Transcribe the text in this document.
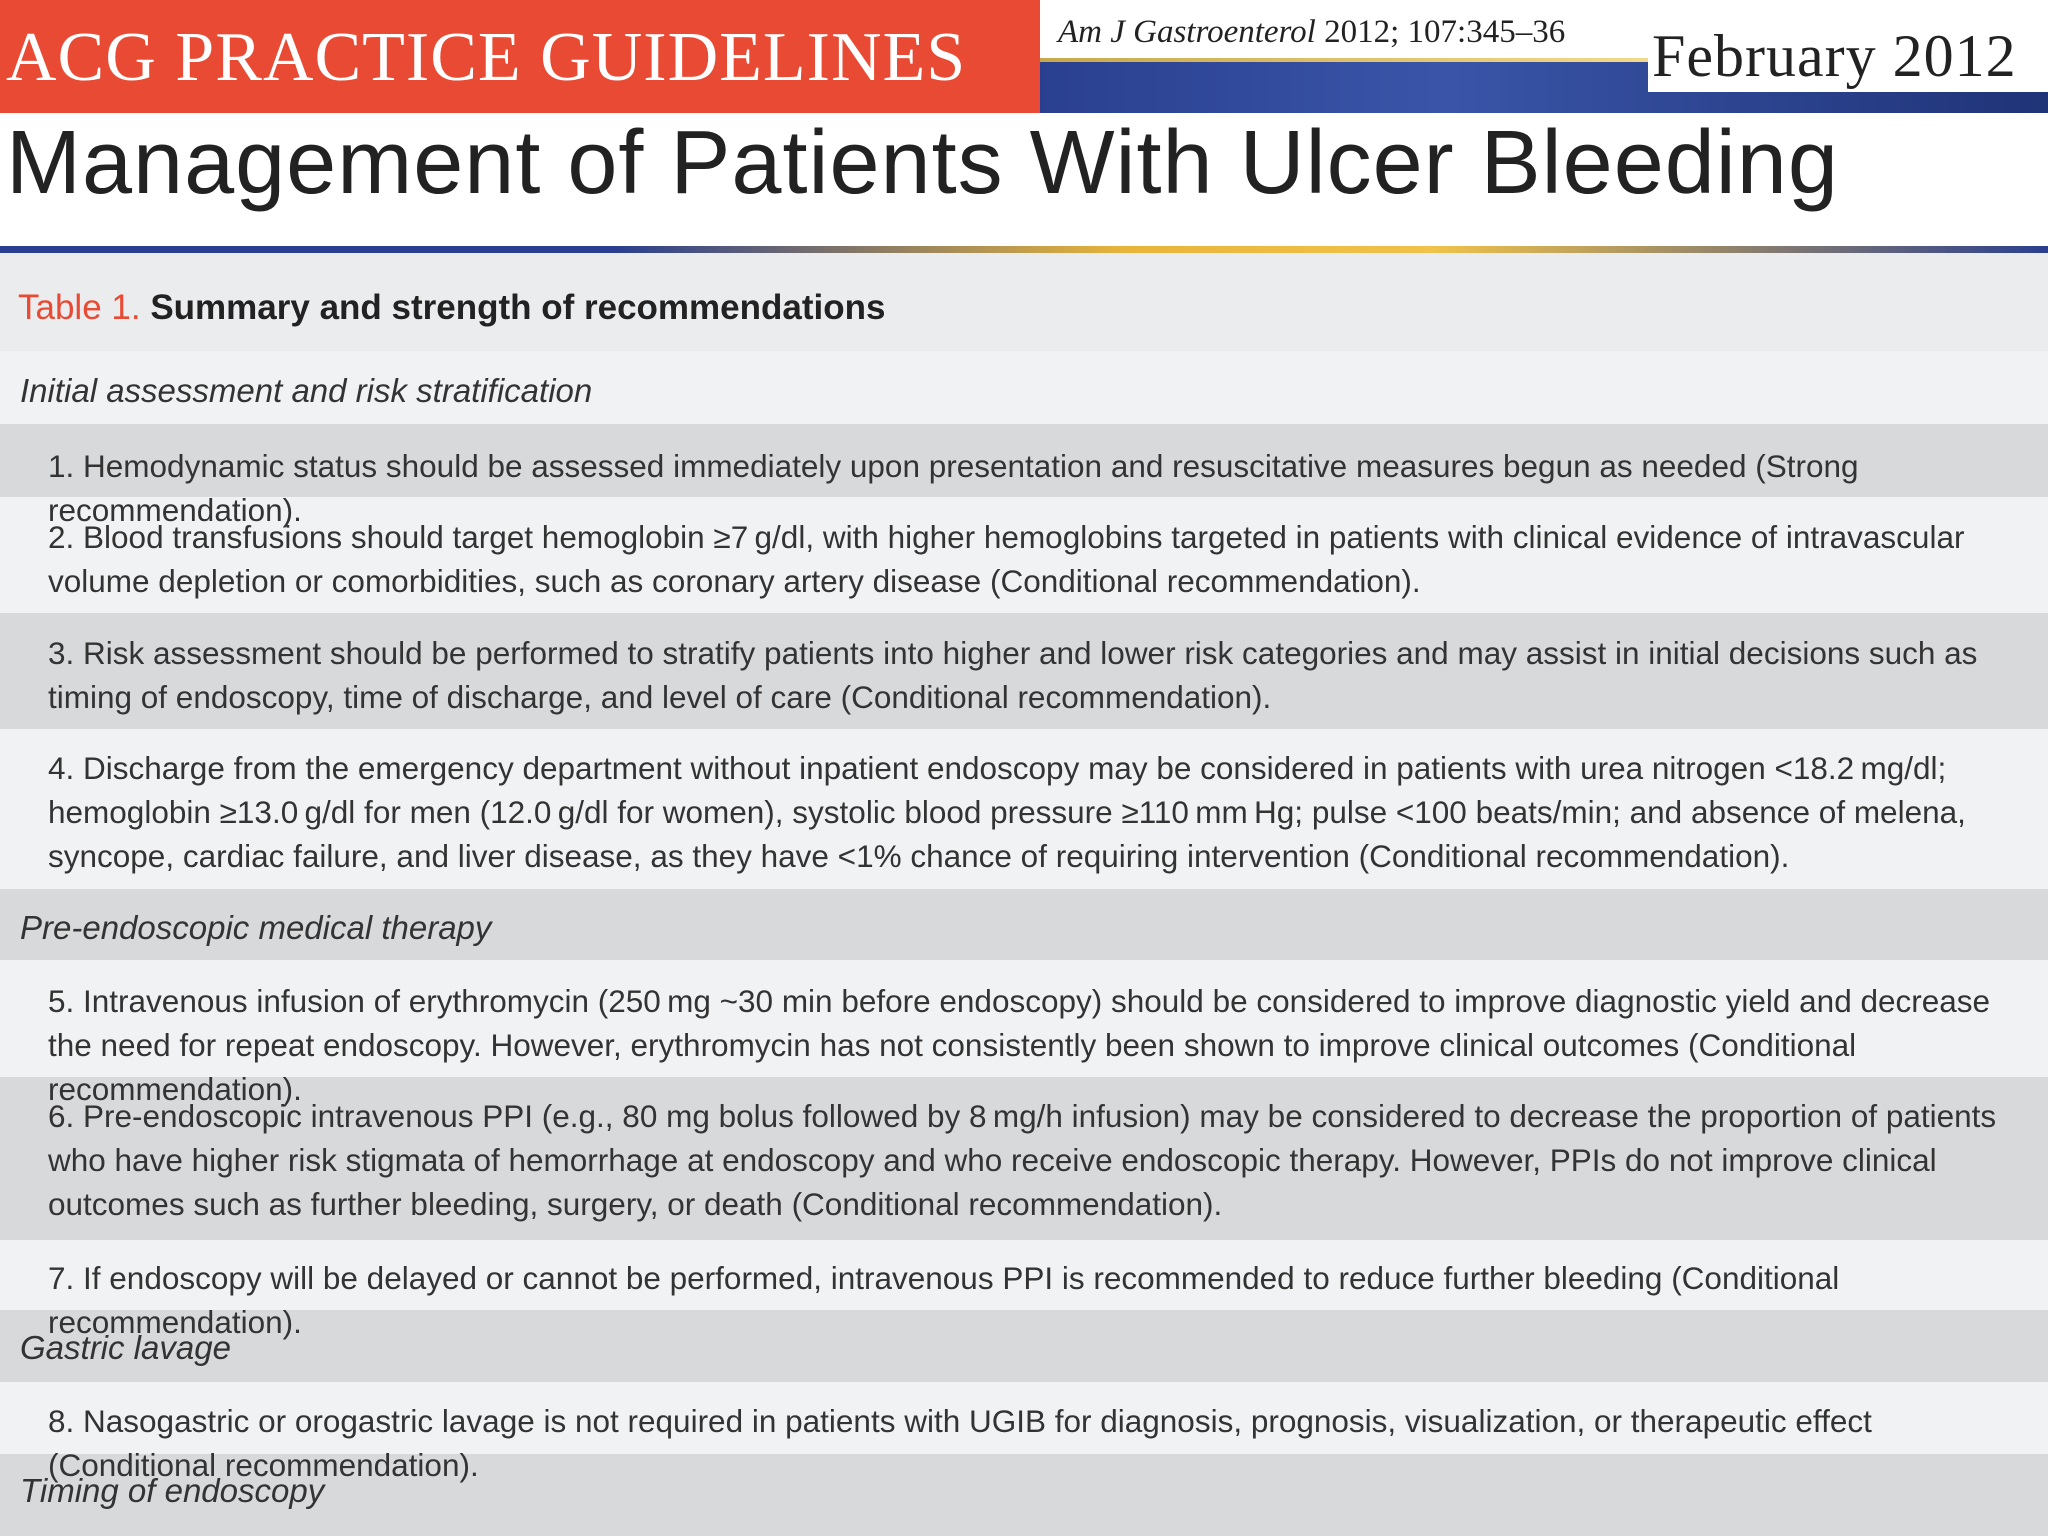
ACG PRACTICE GUIDELINES	Am J Gastroenterol 2012; 107:345–36 February 2012
Management of Patients With Ulcer Bleeding
Table 1. Summary and strength of recommendations
Initial assessment and risk stratification
1. Hemodynamic status should be assessed immediately upon presentation and resuscitative measures begun as needed (Strong recommendation).
2. Blood transfusions should target hemoglobin ≥7 g/dl, with higher hemoglobins targeted in patients with clinical evidence of intravascular volume depletion or comorbidities, such as coronary artery disease (Conditional recommendation).
3. Risk assessment should be performed to stratify patients into higher and lower risk categories and may assist in initial decisions such as timing of endoscopy, time of discharge, and level of care (Conditional recommendation).
4. Discharge from the emergency department without inpatient endoscopy may be considered in patients with urea nitrogen <18.2 mg/dl; hemoglobin ≥13.0 g/dl for men (12.0 g/dl for women), systolic blood pressure ≥110 mm Hg; pulse <100 beats/min; and absence of melena, syncope, cardiac failure, and liver disease, as they have <1% chance of requiring intervention (Conditional recommendation).
Pre-endoscopic medical therapy
5. Intravenous infusion of erythromycin (250 mg ~30 min before endoscopy) should be considered to improve diagnostic yield and decrease the need for repeat endoscopy. However, erythromycin has not consistently been shown to improve clinical outcomes (Conditional recommendation).
6. Pre-endoscopic intravenous PPI (e.g., 80 mg bolus followed by 8 mg/h infusion) may be considered to decrease the proportion of patients who have higher risk stigmata of hemorrhage at endoscopy and who receive endoscopic therapy. However, PPIs do not improve clinical outcomes such as further bleeding, surgery, or death (Conditional recommendation).
7. If endoscopy will be delayed or cannot be performed, intravenous PPI is recommended to reduce further bleeding (Conditional recommendation).
Gastric lavage
8. Nasogastric or orogastric lavage is not required in patients with UGIB for diagnosis, prognosis, visualization, or therapeutic effect (Conditional recommendation).
Timing of endoscopy
